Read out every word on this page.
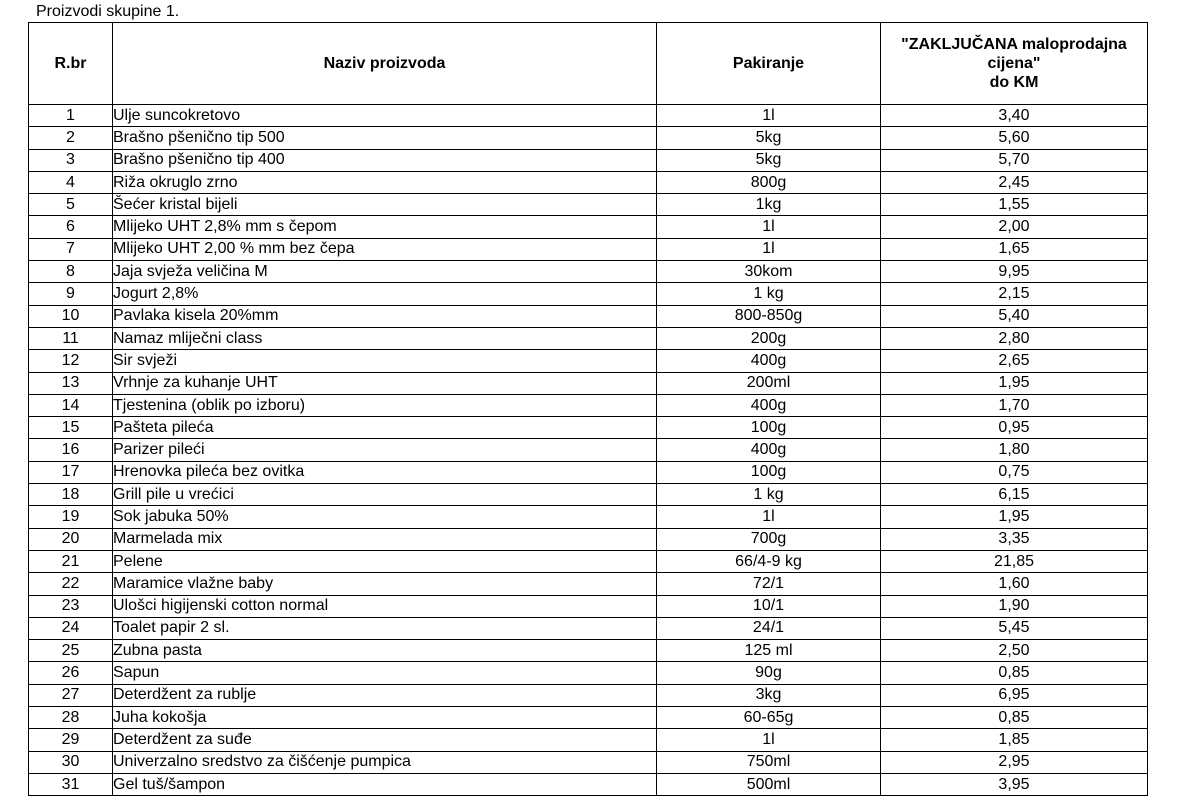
Proizvodi skupine 1.
R.br	Naziv proizvoda	Pakiranje	"ZAKLJUČANA maloprodajna
cijena"
do KM

1	Ulje suncokretovo	1l	3,40
2	Brašno pšenično tip 500	5kg	5,60
3	Brašno pšenično tip 400	5kg	5,70
4	Riža okruglo zrno	800g	2,45
5	Šećer kristal bijeli	1kg	1,55
6	Mlijeko UHT 2,8% mm s čepom	1l	2,00
7	Mlijeko UHT 2,00 % mm bez čepa	1l	1,65
8	Jaja svježa veličina M	30kom	9,95
9	Jogurt 2,8%	1 kg	2,15
10	Pavlaka kisela 20%mm	800-850g	5,40
11	Namaz mliječni class	200g	2,80
12	Sir svježi	400g	2,65
13	Vrhnje za kuhanje UHT	200ml	1,95
14	Tjestenina (oblik po izboru)	400g	1,70
15	Pašteta pileća	100g	0,95
16	Parizer pileći	400g	1,80
17	Hrenovka pileća bez ovitka	100g	0,75
18	Grill pile u vrećici	1 kg	6,15
19	Sok jabuka 50%	1l	1,95
20	Marmelada mix	700g	3,35
21	Pelene	66/4-9 kg	21,85
22	Maramice vlažne baby	72/1	1,60
23	Ulošci higijenski cotton normal	10/1	1,90
24	Toalet papir 2 sl.	24/1	5,45
25	Zubna pasta	125 ml	2,50
26	Sapun	90g	0,85
27	Deterdžent za rublje	3kg	6,95
28	Juha kokošja	60-65g	0,85
29	Deterdžent za suđe	1l	1,85
30	Univerzalno sredstvo za čišćenje pumpica	750ml	2,95
31	Gel tuš/šampon	500ml	3,95
